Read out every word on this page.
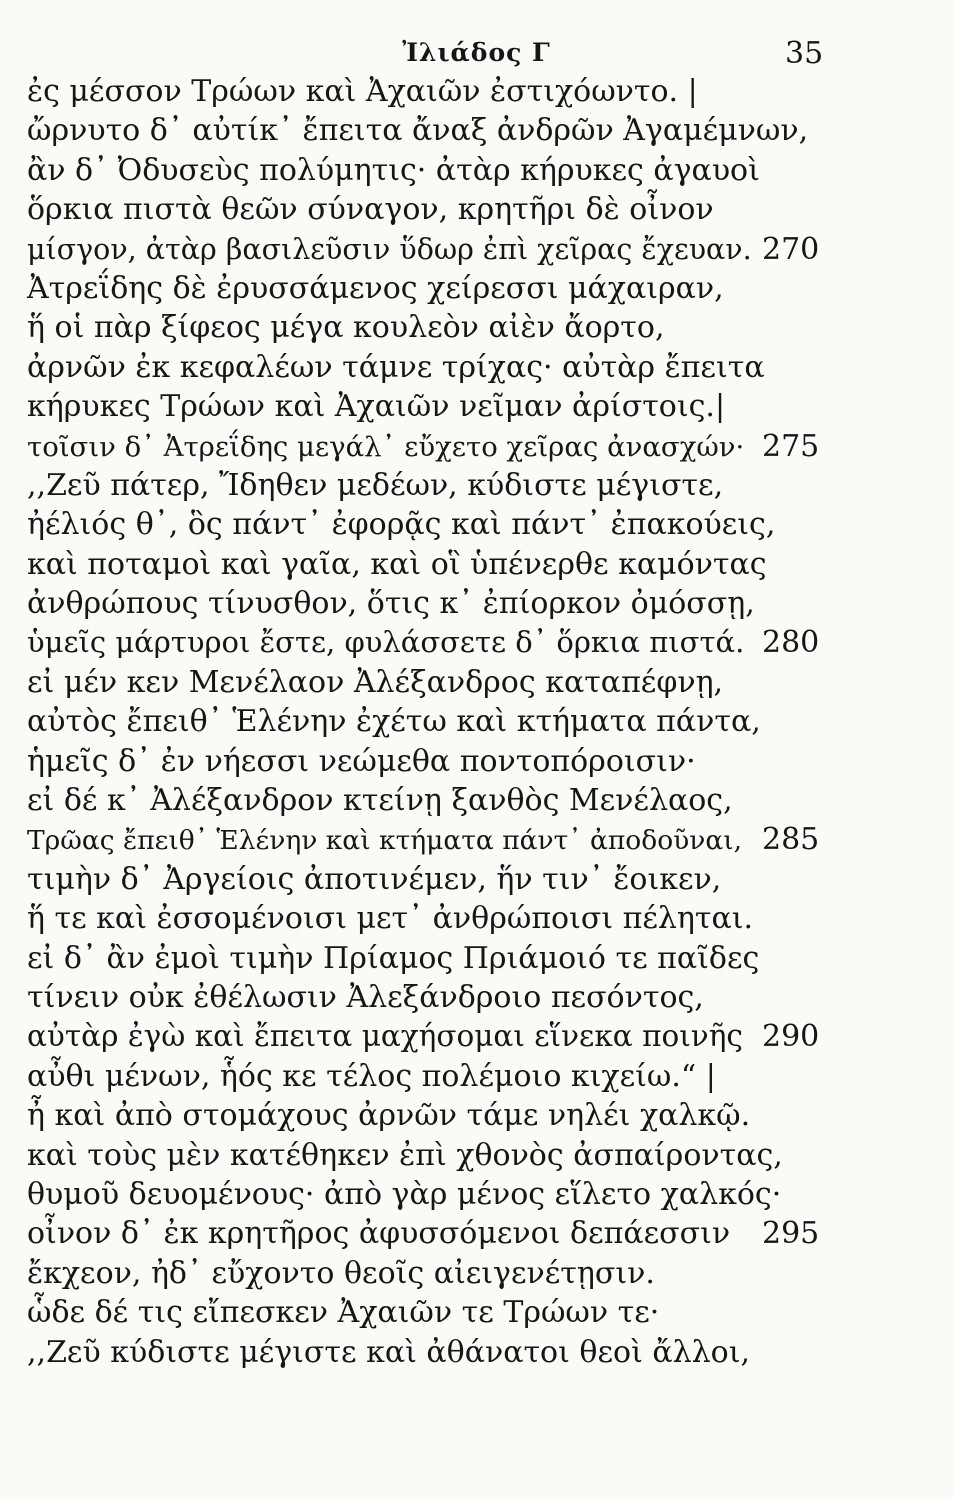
Ἰλιάδος Γ	35
ἐς μέσσον Τρώων καὶ Ἀχαιῶν ἐστιχόωντο. |
ὤρνυτο δ᾽ αὐτίκ᾽ ἔπειτα ἄναξ ἀνδρῶν Ἀγαμέμνων,
ἂν δ᾽ Ὀδυσεὺς πολύμητις· ἀτὰρ κήρυκες ἀγαυοὶ
ὅρκια πιστὰ θεῶν σύναγον, κρητῆρι δὲ οἶνον
μίσγον, ἀτὰρ βασιλεῦσιν ὕδωρ ἐπὶ χεῖρας ἔχευαν. 270
Ἀτρεΐδης δὲ ἐρυσσάμενος χείρεσσι μάχαιραν,
ἥ οἱ πὰρ ξίφεος μέγα κουλεὸν αἰὲν ἄορτο,
ἀρνῶν ἐκ κεφαλέων τάμνε τρίχας· αὐτὰρ ἔπειτα
κήρυκες Τρώων καὶ Ἀχαιῶν νεῖμαν ἀρίστοις.|
τοῖσιν δ᾽ Ἀτρεΐδης μεγάλ᾽ εὔχετο χεῖρας ἀνασχών· 275
,,Ζεῦ πάτερ, Ἴδηθεν μεδέων, κύδιστε μέγιστε,
ἠέλιός θ᾽, ὃς πάντ᾽ ἐφορᾷς καὶ πάντ᾽ ἐπακούεις,
καὶ ποταμοὶ καὶ γαῖα, καὶ οἳ ὑπένερθε καμόντας
ἀνθρώπους τίνυσθον, ὅτις κ᾽ ἐπίορκον ὀμόσσῃ,
ὑμεῖς μάρτυροι ἔστε, φυλάσσετε δ᾽ ὅρκια πιστά. 280
εἰ μέν κεν Μενέλαον Ἀλέξανδρος καταπέφνῃ,
αὐτὸς ἔπειθ᾽ Ἑλένην ἐχέτω καὶ κτήματα πάντα,
ἡμεῖς δ᾽ ἐν νήεσσι νεώμεθα ποντοπόροισιν·
εἰ δέ κ᾽ Ἀλέξανδρον κτείνῃ ξανθὸς Μενέλαος,
Τρῶας ἔπειθ᾽ Ἑλένην καὶ κτήματα πάντ᾽ ἀποδοῦναι, 285
τιμὴν δ᾽ Ἀργείοις ἀποτινέμεν, ἥν τιν᾽ ἔοικεν,
ἥ τε καὶ ἐσσομένοισι μετ᾽ ἀνθρώποισι πέληται.
εἰ δ᾽ ἂν ἐμοὶ τιμὴν Πρίαμος Πριάμοιό τε παῖδες
τίνειν οὐκ ἐθέλωσιν Ἀλεξάνδροιο πεσόντος,
αὐτὰρ ἐγὼ καὶ ἔπειτα μαχήσομαι εἵνεκα ποινῆς 290
αὖθι μένων, ἧός κε τέλος πολέμοιο κιχείω.“ |
ἦ καὶ ἀπὸ στομάχους ἀρνῶν τάμε νηλέι χαλκῷ.
καὶ τοὺς μὲν κατέθηκεν ἐπὶ χθονὸς ἀσπαίροντας,
θυμοῦ δευομένους· ἀπὸ γὰρ μένος εἵλετο χαλκός·
οἶνον δ᾽ ἐκ κρητῆρος ἀφυσσόμενοι δεπάεσσιν 295
ἔκχεον, ἠδ᾽ εὔχοντο θεοῖς αἰειγενέτῃσιν.
ὧδε δέ τις εἴπεσκεν Ἀχαιῶν τε Τρώων τε·
,,Ζεῦ κύδιστε μέγιστε καὶ ἀθάνατοι θεοὶ ἄλλοι,
